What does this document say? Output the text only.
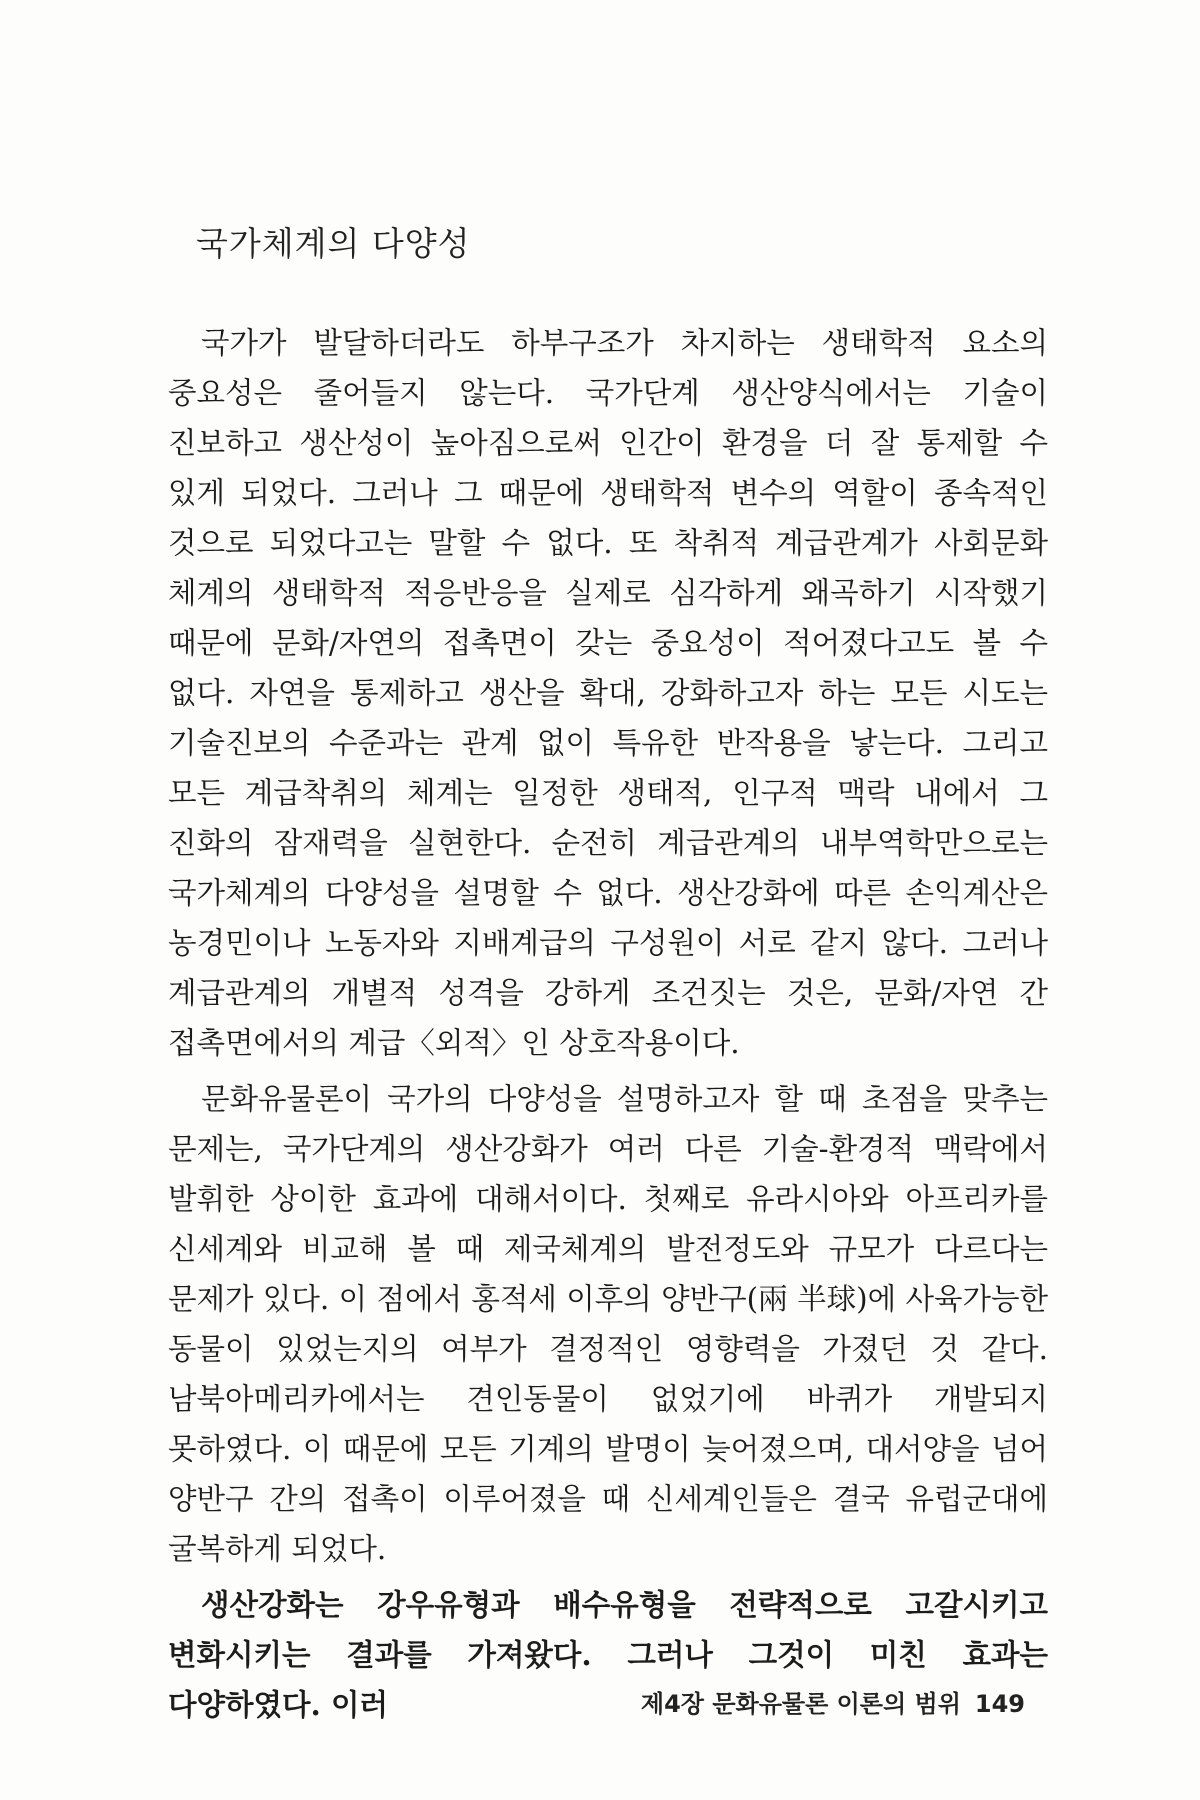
국가체계의 다양성

국가가 발달하더라도 하부구조가 차지하는 생태학적 요소의 중요성은 줄어들지 않는다. 국가단계 생산양식에서는 기술이 진보하고 생산성이 높아짐으로써 인간이 환경을 더 잘 통제할 수 있게 되었다. 그러나 그 때문에 생태학적 변수의 역할이 종속적인 것으로 되었다고는 말할 수 없다. 또 착취적 계급관계가 사회문화 체계의 생태학적 적응반응을 실제로 심각하게 왜곡하기 시작했기 때문에 문화/자연의 접촉면이 갖는 중요성이 적어졌다고도 볼 수 없다. 자연을 통제하고 생산을 확대, 강화하고자 하는 모든 시도는 기술진보의 수준과는 관계 없이 특유한 반작용을 낳는다. 그리고 모든 계급착취의 체계는 일정한 생태적, 인구적 맥락 내에서 그 진화의 잠재력을 실현한다. 순전히 계급관계의 내부역학만으로는 국가체계의 다양성을 설명할 수 없다. 생산강화에 따른 손익계산은 농경민이나 노동자와 지배계급의 구성원이 서로 같지 않다. 그러나 계급관계의 개별적 성격을 강하게 조건짓는 것은, 문화/자연 간 접촉면에서의 계급〈외적〉인 상호작용이다.

문화유물론이 국가의 다양성을 설명하고자 할 때 초점을 맞추는 문제는, 국가단계의 생산강화가 여러 다른 기술-환경적 맥락에서 발휘한 상이한 효과에 대해서이다. 첫째로 유라시아와 아프리카를 신세계와 비교해 볼 때 제국체계의 발전정도와 규모가 다르다는 문제가 있다. 이 점에서 홍적세 이후의 양반구(兩 半球)에 사육가능한 동물이 있었는지의 여부가 결정적인 영향력을 가졌던 것 같다. 남북아메리카에서는 견인동물이 없었기에 바퀴가 개발되지 못하였다. 이 때문에 모든 기계의 발명이 늦어졌으며, 대서양을 넘어 양반구 간의 접촉이 이루어졌을 때 신세계인들은 결국 유럽군대에 굴복하게 되었다.

생산강화는 강우유형과 배수유형을 전략적으로 고갈시키고 변화시키는 결과를 가져왔다. 그러나 그것이 미친 효과는 다양하였다. 이러	제4장 문화유물론 이론의 범위 149
